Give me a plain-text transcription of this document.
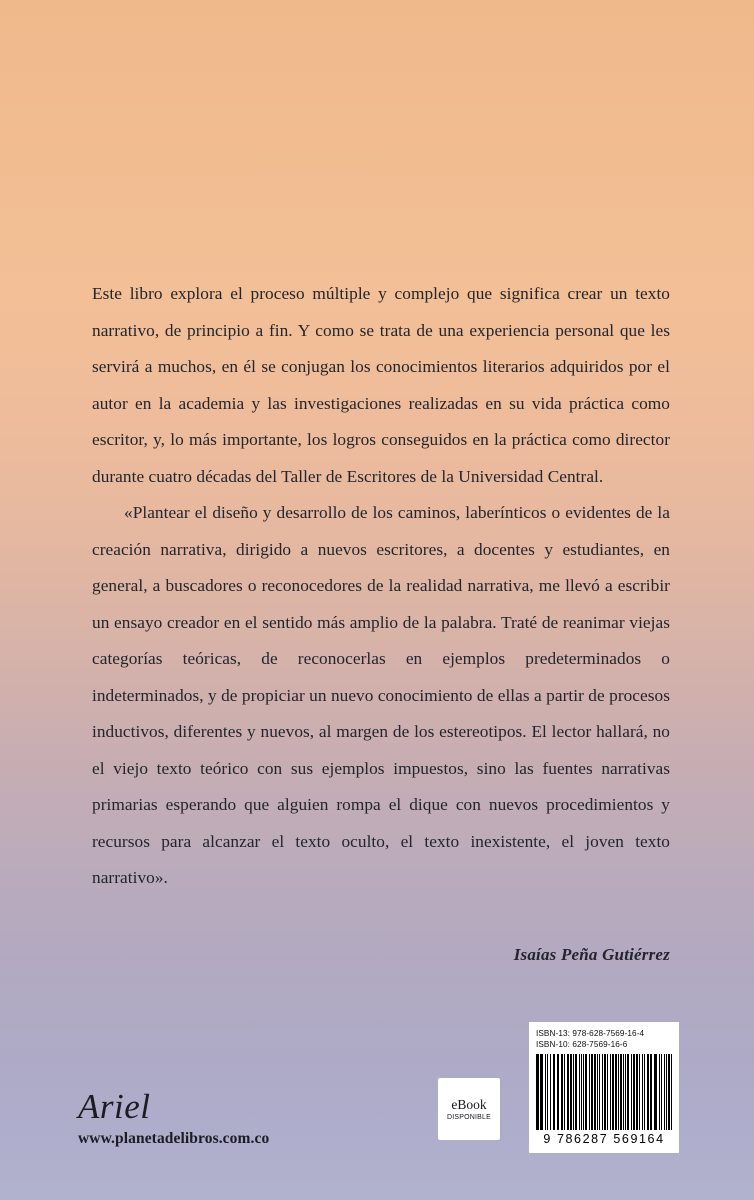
Este libro explora el proceso múltiple y complejo que significa crear un texto narrativo, de principio a fin. Y como se trata de una experiencia personal que les servirá a muchos, en él se conjugan los conocimientos literarios adquiridos por el autor en la academia y las investigaciones realizadas en su vida práctica como escritor, y, lo más importante, los logros conseguidos en la práctica como director durante cuatro décadas del Taller de Escritores de la Universidad Central.

«Plantear el diseño y desarrollo de los caminos, laberínticos o evidentes de la creación narrativa, dirigido a nuevos escritores, a docentes y estudiantes, en general, a buscadores o reconocedores de la realidad narrativa, me llevó a escribir un ensayo creador en el sentido más amplio de la palabra. Traté de reanimar viejas categorías teóricas, de reconocerlas en ejemplos predeterminados o indeterminados, y de propiciar un nuevo conocimiento de ellas a partir de procesos inductivos, diferentes y nuevos, al margen de los estereotipos. El lector hallará, no el viejo texto teórico con sus ejemplos impuestos, sino las fuentes narrativas primarias esperando que alguien rompa el dique con nuevos procedimientos y recursos para alcanzar el texto oculto, el texto inexistente, el joven texto narrativo».

Isaías Peña Gutiérrez
Ariel
www.planetadelibros.com.co
eBook
DISPONIBLE
ISBN-13: 978-628-7569-16-4
ISBN-10: 628-7569-16-6
9 786287 569164
